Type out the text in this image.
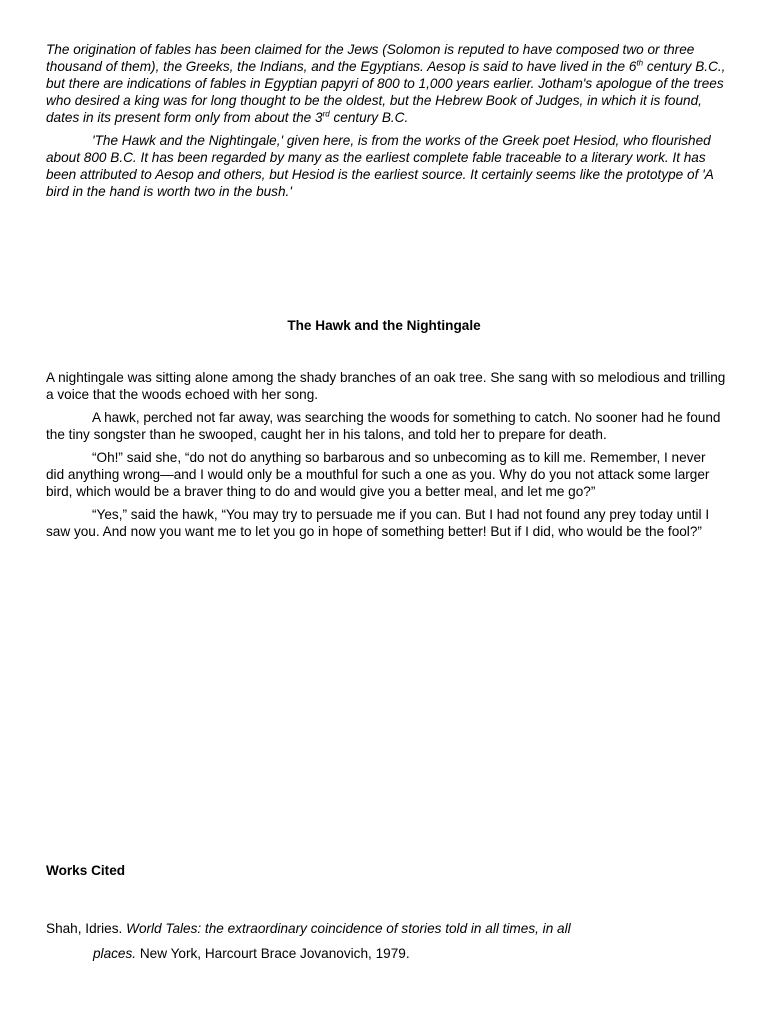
The origination of fables has been claimed for the Jews (Solomon is reputed to have composed two or three thousand of them), the Greeks, the Indians, and the Egyptians. Aesop is said to have lived in the 6th century B.C., but there are indications of fables in Egyptian papyri of 800 to 1,000 years earlier. Jotham's apologue of the trees who desired a king was for long thought to be the oldest, but the Hebrew Book of Judges, in which it is found, dates in its present form only from about the 3rd century B.C.

'The Hawk and the Nightingale,' given here, is from the works of the Greek poet Hesiod, who flourished about 800 B.C. It has been regarded by many as the earliest complete fable traceable to a literary work. It has been attributed to Aesop and others, but Hesiod is the earliest source. It certainly seems like the prototype of 'A bird in the hand is worth two in the bush.'

The Hawk and the Nightingale

A nightingale was sitting alone among the shady branches of an oak tree. She sang with so melodious and trilling a voice that the woods echoed with her song.

A hawk, perched not far away, was searching the woods for something to catch. No sooner had he found the tiny songster than he swooped, caught her in his talons, and told her to prepare for death.

“Oh!” said she, “do not do anything so barbarous and so unbecoming as to kill me. Remember, I never did anything wrong—and I would only be a mouthful for such a one as you. Why do you not attack some larger bird, which would be a braver thing to do and would give you a better meal, and let me go?”

“Yes,” said the hawk, “You may try to persuade me if you can. But I had not found any prey today until I saw you. And now you want me to let you go in hope of something better! But if I did, who would be the fool?”

Works Cited
Shah, Idries. World Tales: the extraordinary coincidence of stories told in all times, in all
places. New York, Harcourt Brace Jovanovich, 1979.
